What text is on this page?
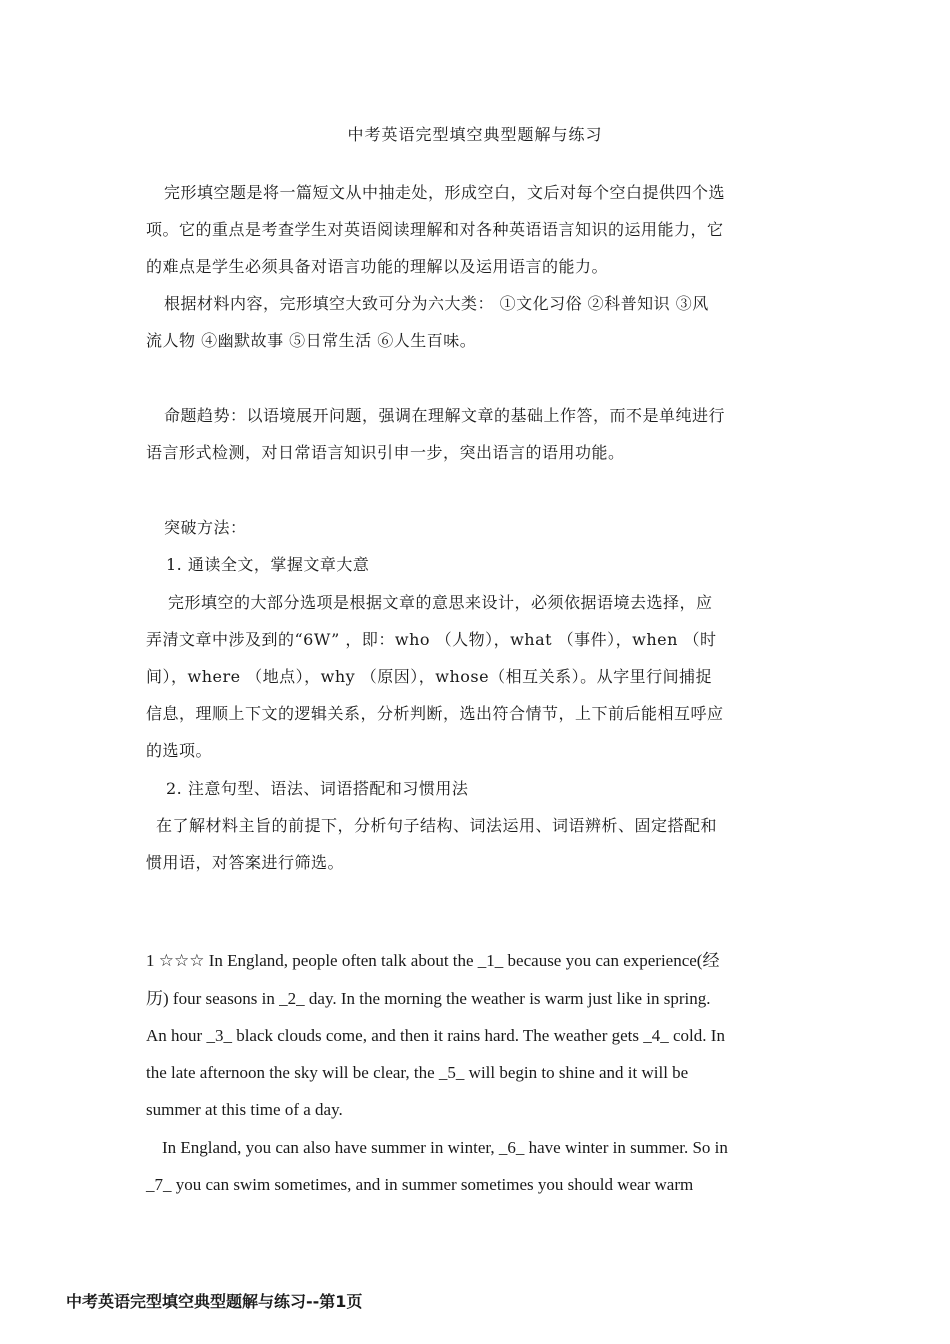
中考英语完型填空典型题解与练习
完形填空题是将一篇短文从中抽走处，形成空白，文后对每个空白提供四个选
项。它的重点是考查学生对英语阅读理解和对各种英语语言知识的运用能力，它
的难点是学生必须具备对语言功能的理解以及运用语言的能力。
根据材料内容，完形填空大致可分为六大类： ①文化习俗 ②科普知识 ③风
流人物 ④幽默故事 ⑤日常生活 ⑥人生百味。
命题趋势：以语境展开问题，强调在理解文章的基础上作答，而不是单纯进行
语言形式检测，对日常语言知识引申一步，突出语言的语用功能。
突破方法：
1. 通读全文，掌握文章大意
完形填空的大部分选项是根据文章的意思来设计，必须依据语境去选择，应
弄清文章中涉及到的“6W” ，即：who （人物），what （事件），when （时
间），where （地点），why （原因），whose（相互关系）。从字里行间捕捉
信息，理顺上下文的逻辑关系，分析判断，选出符合情节，上下前后能相互呼应
的选项。
2. 注意句型、语法、词语搭配和习惯用法
在了解材料主旨的前提下，分析句子结构、词法运用、词语辨析、固定搭配和
惯用语，对答案进行筛选。
1 ☆☆☆ In England, people often talk about the _1_ because you can experience(经
历) four seasons in _2_ day. In the morning the weather is warm just like in spring.
An hour _3_ black clouds come, and then it rains hard. The weather gets _4_ cold. In
the late afternoon the sky will be clear, the _5_ will begin to shine and it will be
summer at this time of a day.
In England, you can also have summer in winter, _6_ have winter in summer. So in
_7_ you can swim sometimes, and in summer sometimes you should wear warm
中考英语完型填空典型题解与练习--第1页
